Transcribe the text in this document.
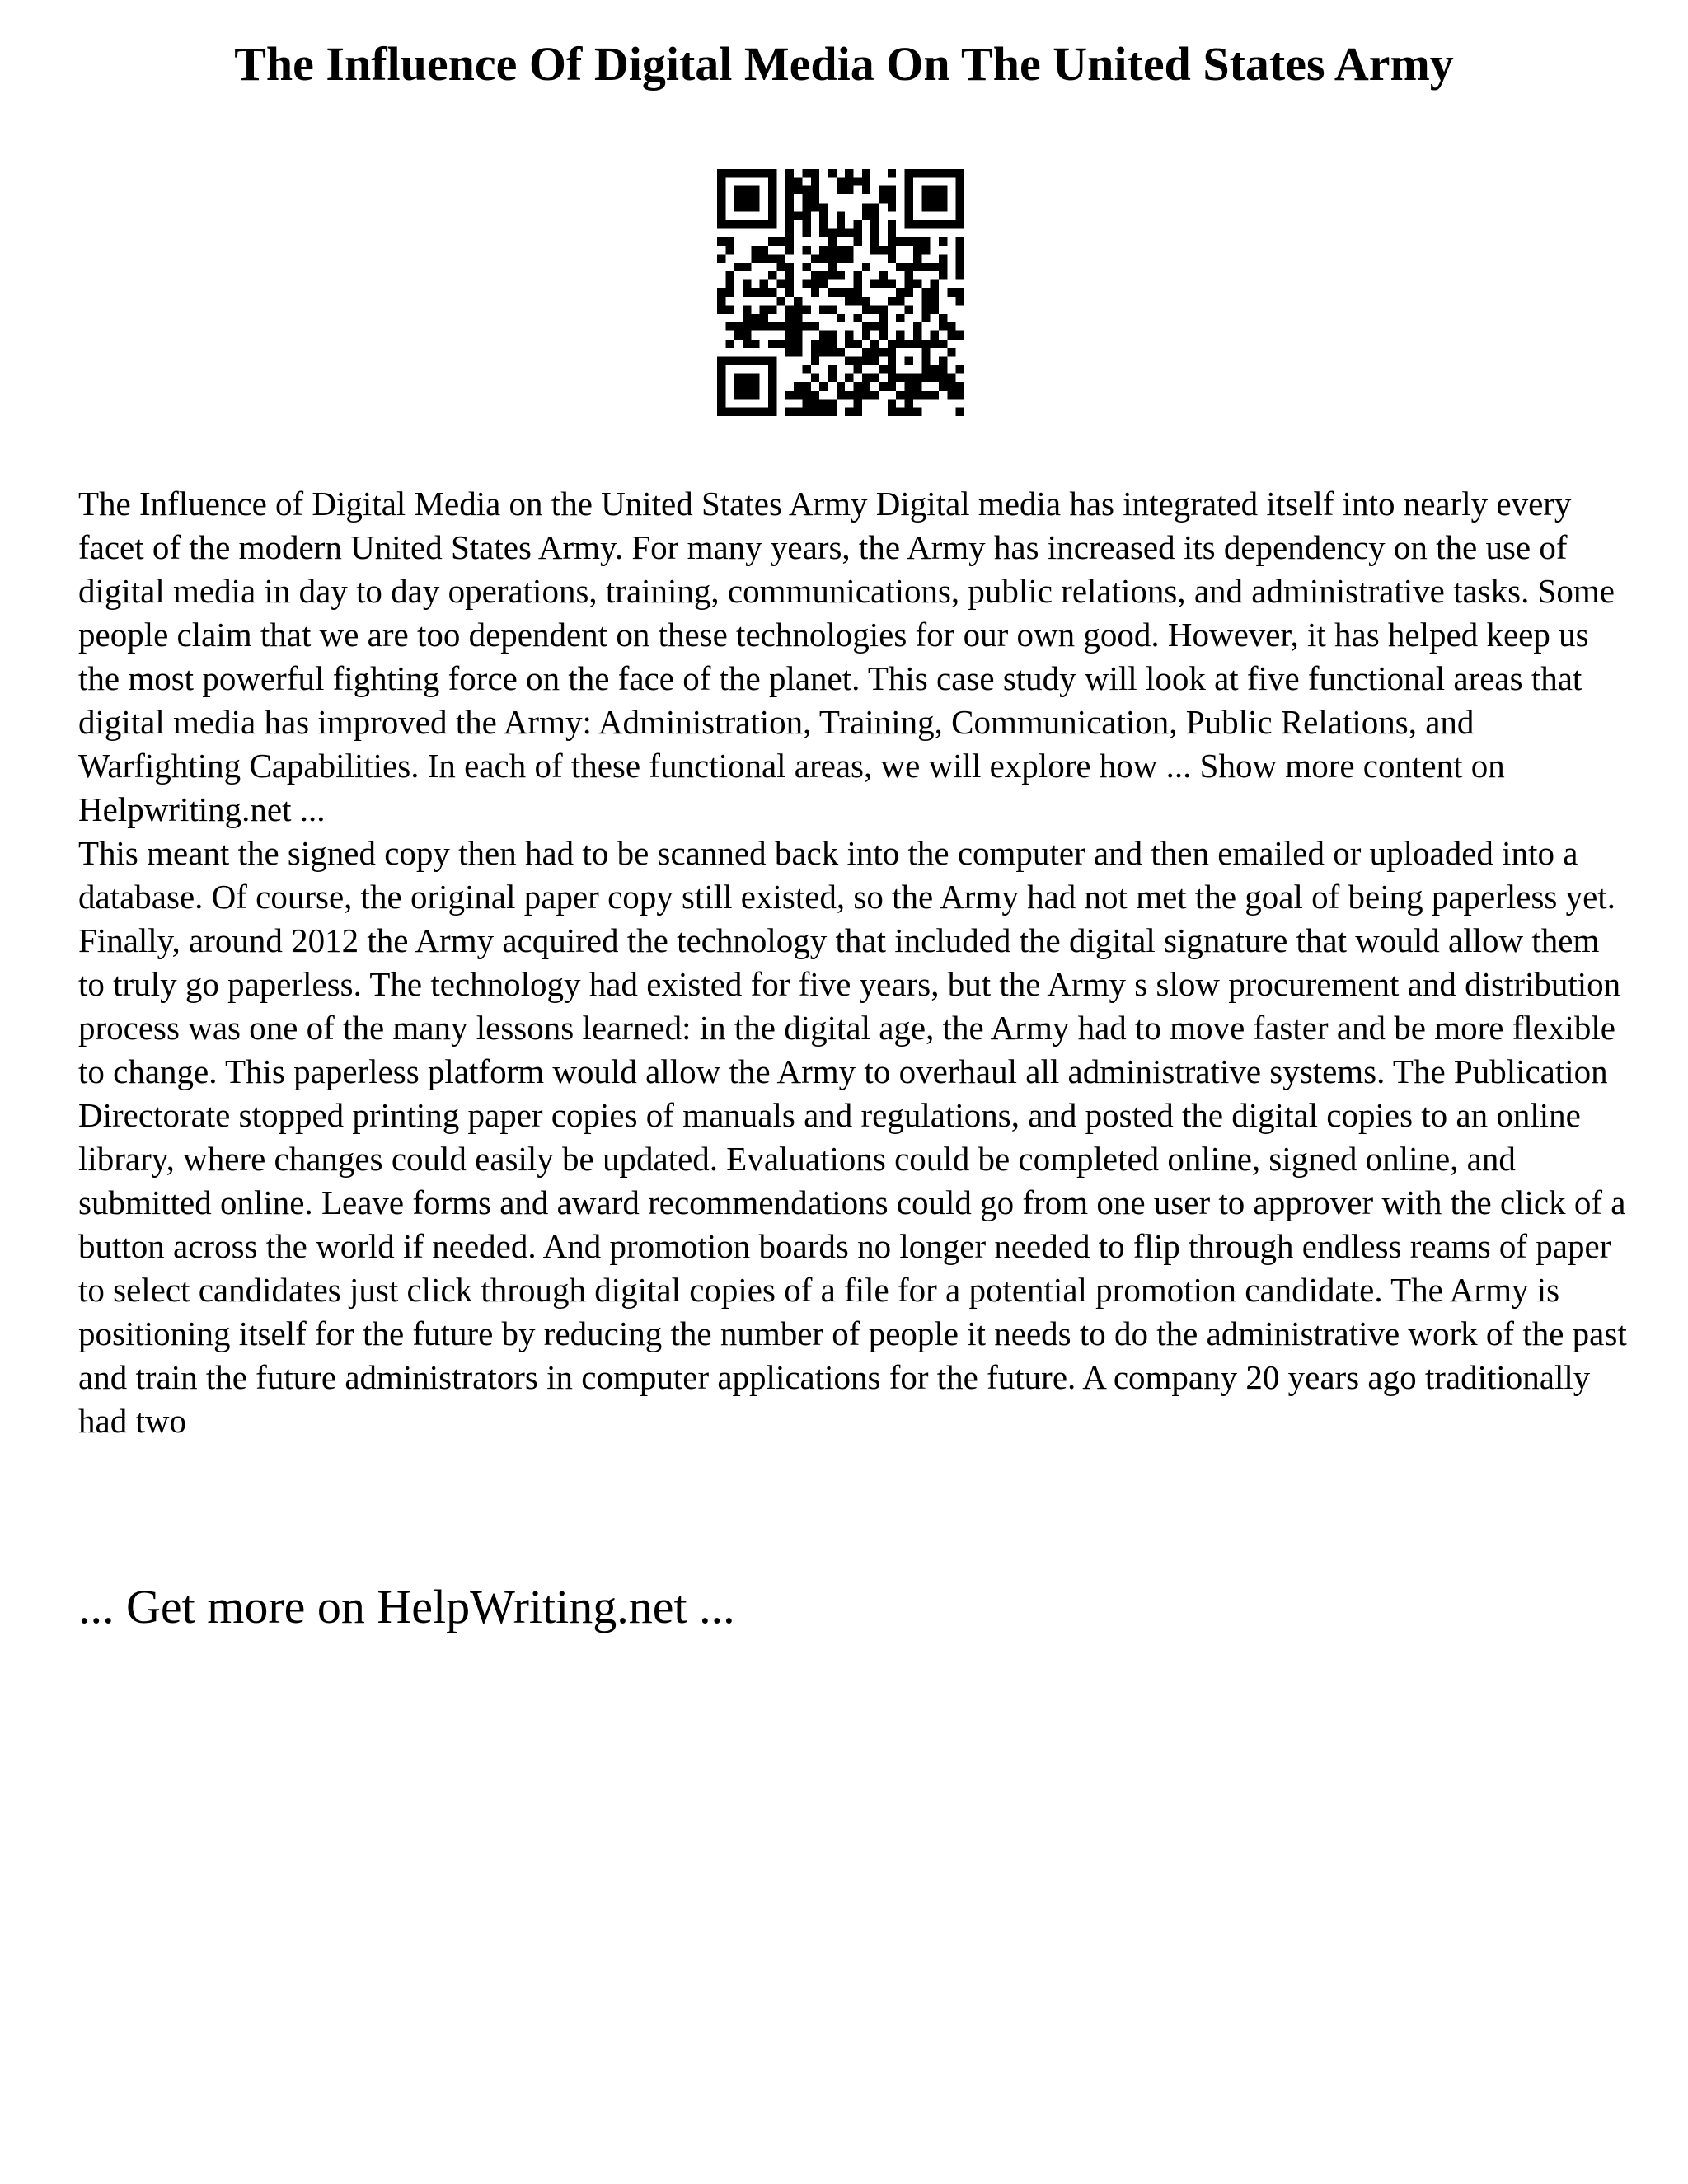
The Influence Of Digital Media On The United States Army

The Influence of Digital Media on the United States Army Digital media has integrated itself into nearly every facet of the modern United States Army. For many years, the Army has increased its dependency on the use of digital media in day to day operations, training, communications, public relations, and administrative tasks. Some people claim that we are too dependent on these technologies for our own good. However, it has helped keep us the most powerful fighting force on the face of the planet. This case study will look at five functional areas that digital media has improved the Army: Administration, Training, Communication, Public Relations, and Warfighting Capabilities. In each of these functional areas, we will explore how ... Show more content on Helpwriting.net ...

This meant the signed copy then had to be scanned back into the computer and then emailed or uploaded into a database. Of course, the original paper copy still existed, so the Army had not met the goal of being paperless yet. Finally, around 2012 the Army acquired the technology that included the digital signature that would allow them to truly go paperless. The technology had existed for five years, but the Army s slow procurement and distribution process was one of the many lessons learned: in the digital age, the Army had to move faster and be more flexible to change. This paperless platform would allow the Army to overhaul all administrative systems. The Publication Directorate stopped printing paper copies of manuals and regulations, and posted the digital copies to an online library, where changes could easily be updated. Evaluations could be completed online, signed online, and submitted online. Leave forms and award recommendations could go from one user to approver with the click of a button across the world if needed. And promotion boards no longer needed to flip through endless reams of paper to select candidates just click through digital copies of a file for a potential promotion candidate. The Army is positioning itself for the future by reducing the number of people it needs to do the administrative work of the past and train the future administrators in computer applications for the future. A company 20 years ago traditionally had two

... Get more on HelpWriting.net ...
